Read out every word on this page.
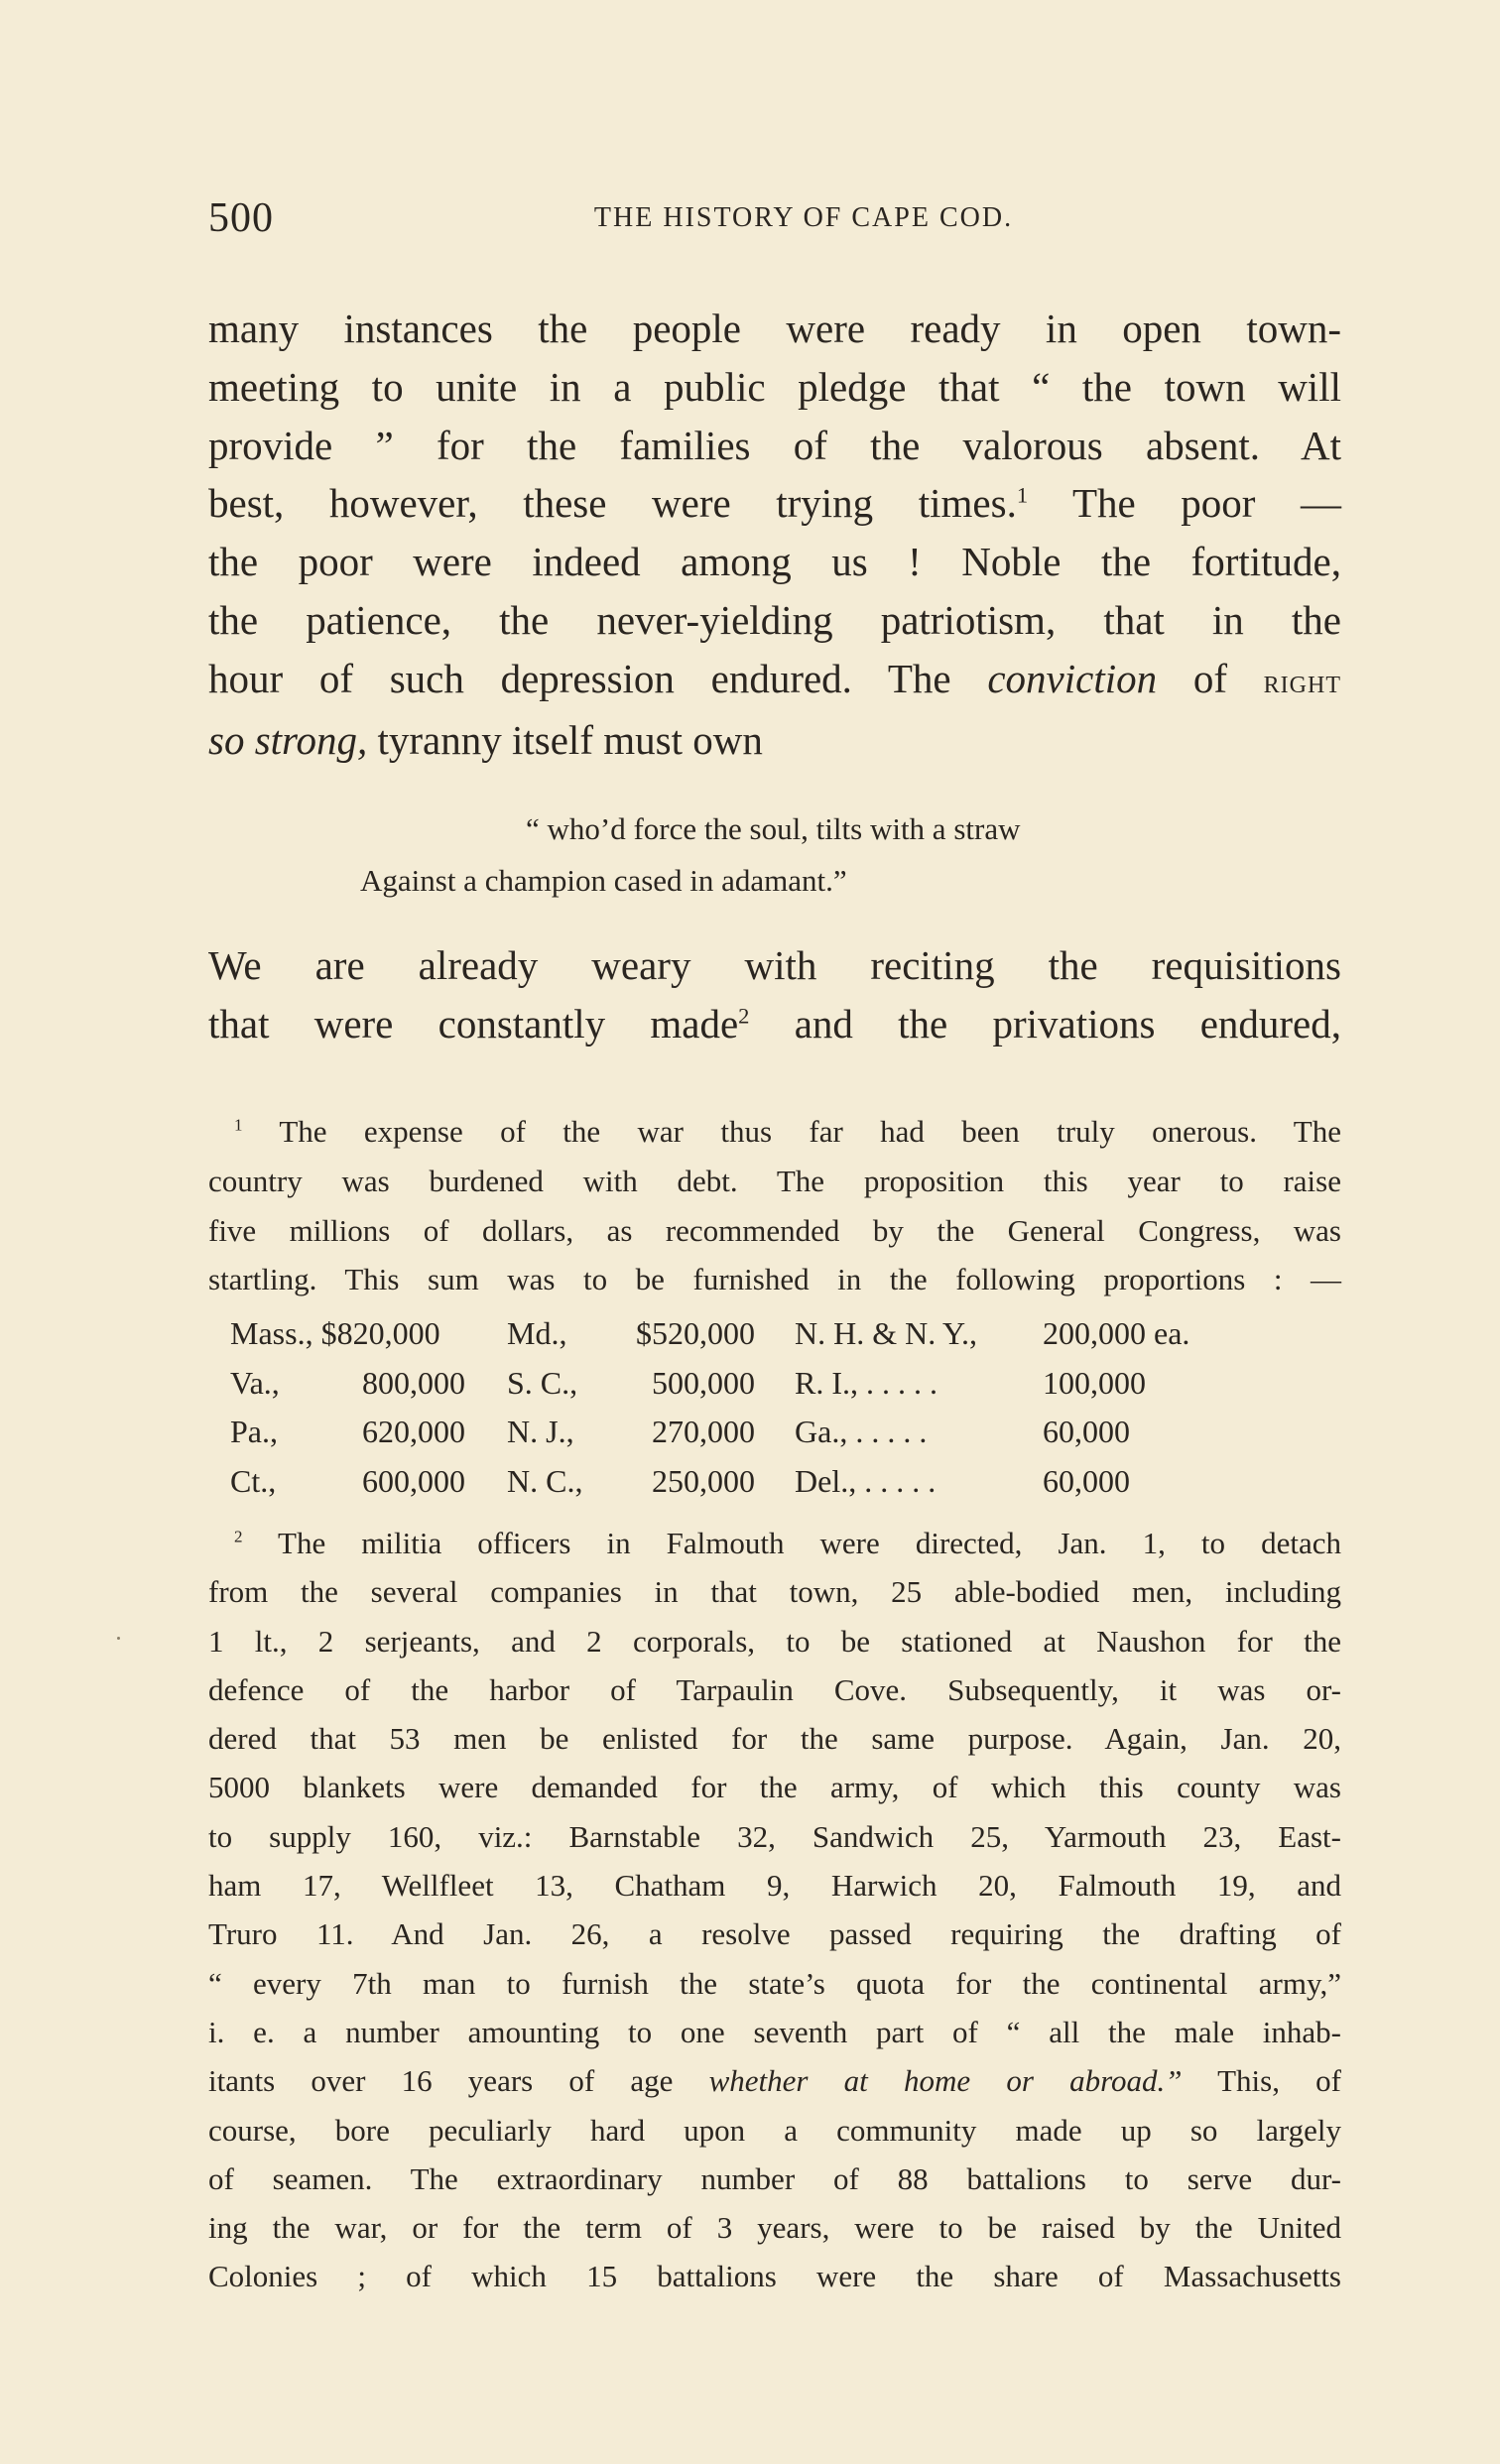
500	THE HISTORY OF CAPE COD.
many instances the people were ready in open town-
meeting to unite in a public pledge that “ the town will
provide ” for the families of the valorous absent. At
best, however, these were trying times.$^1$ The poor —
the poor were indeed among us ! Noble the fortitude,
the patience, the never-yielding patriotism, that in the
hour of such depression endured. The conviction of right
so strong, tyranny itself must own
“ who’d force the soul, tilts with a straw
Against a champion cased in adamant.”
We are already weary with reciting the requisitions
that were constantly made$^2$ and the privations endured,
$^1$ The expense of the war thus far had been truly onerous. The
country was burdened with debt. The proposition this year to raise
five millions of dollars, as recommended by the General Congress, was
startling. This sum was to be furnished in the following proportions : —
Mass., $820,000		Md.,	$520,000	N. H. & N. Y.,	200,000 ea.
Va.,	800,000	S. C.,	500,000	R. I., . . . . .	100,000
Pa.,	620,000	N. J.,	270,000	Ga., . . . . .	60,000
Ct.,	600,000	N. C.,	250,000	Del., . . . . .	60,000
$^2$ The militia officers in Falmouth were directed, Jan. 1, to detach
from the several companies in that town, 25 able-bodied men, including
1 lt., 2 serjeants, and 2 corporals, to be stationed at Naushon for the
defence of the harbor of Tarpaulin Cove. Subsequently, it was or-
dered that 53 men be enlisted for the same purpose. Again, Jan. 20,
5000 blankets were demanded for the army, of which this county was
to supply 160, viz.: Barnstable 32, Sandwich 25, Yarmouth 23, East-
ham 17, Wellfleet 13, Chatham 9, Harwich 20, Falmouth 19, and
Truro 11. And Jan. 26, a resolve passed requiring the drafting of
“ every 7th man to furnish the state’s quota for the continental army,”
i. e. a number amounting to one seventh part of “ all the male inhab-
itants over 16 years of age whether at home or abroad.” This, of
course, bore peculiarly hard upon a community made up so largely
of seamen. The extraordinary number of 88 battalions to serve dur-
ing the war, or for the term of 3 years, were to be raised by the United
Colonies ; of which 15 battalions were the share of Massachusetts
